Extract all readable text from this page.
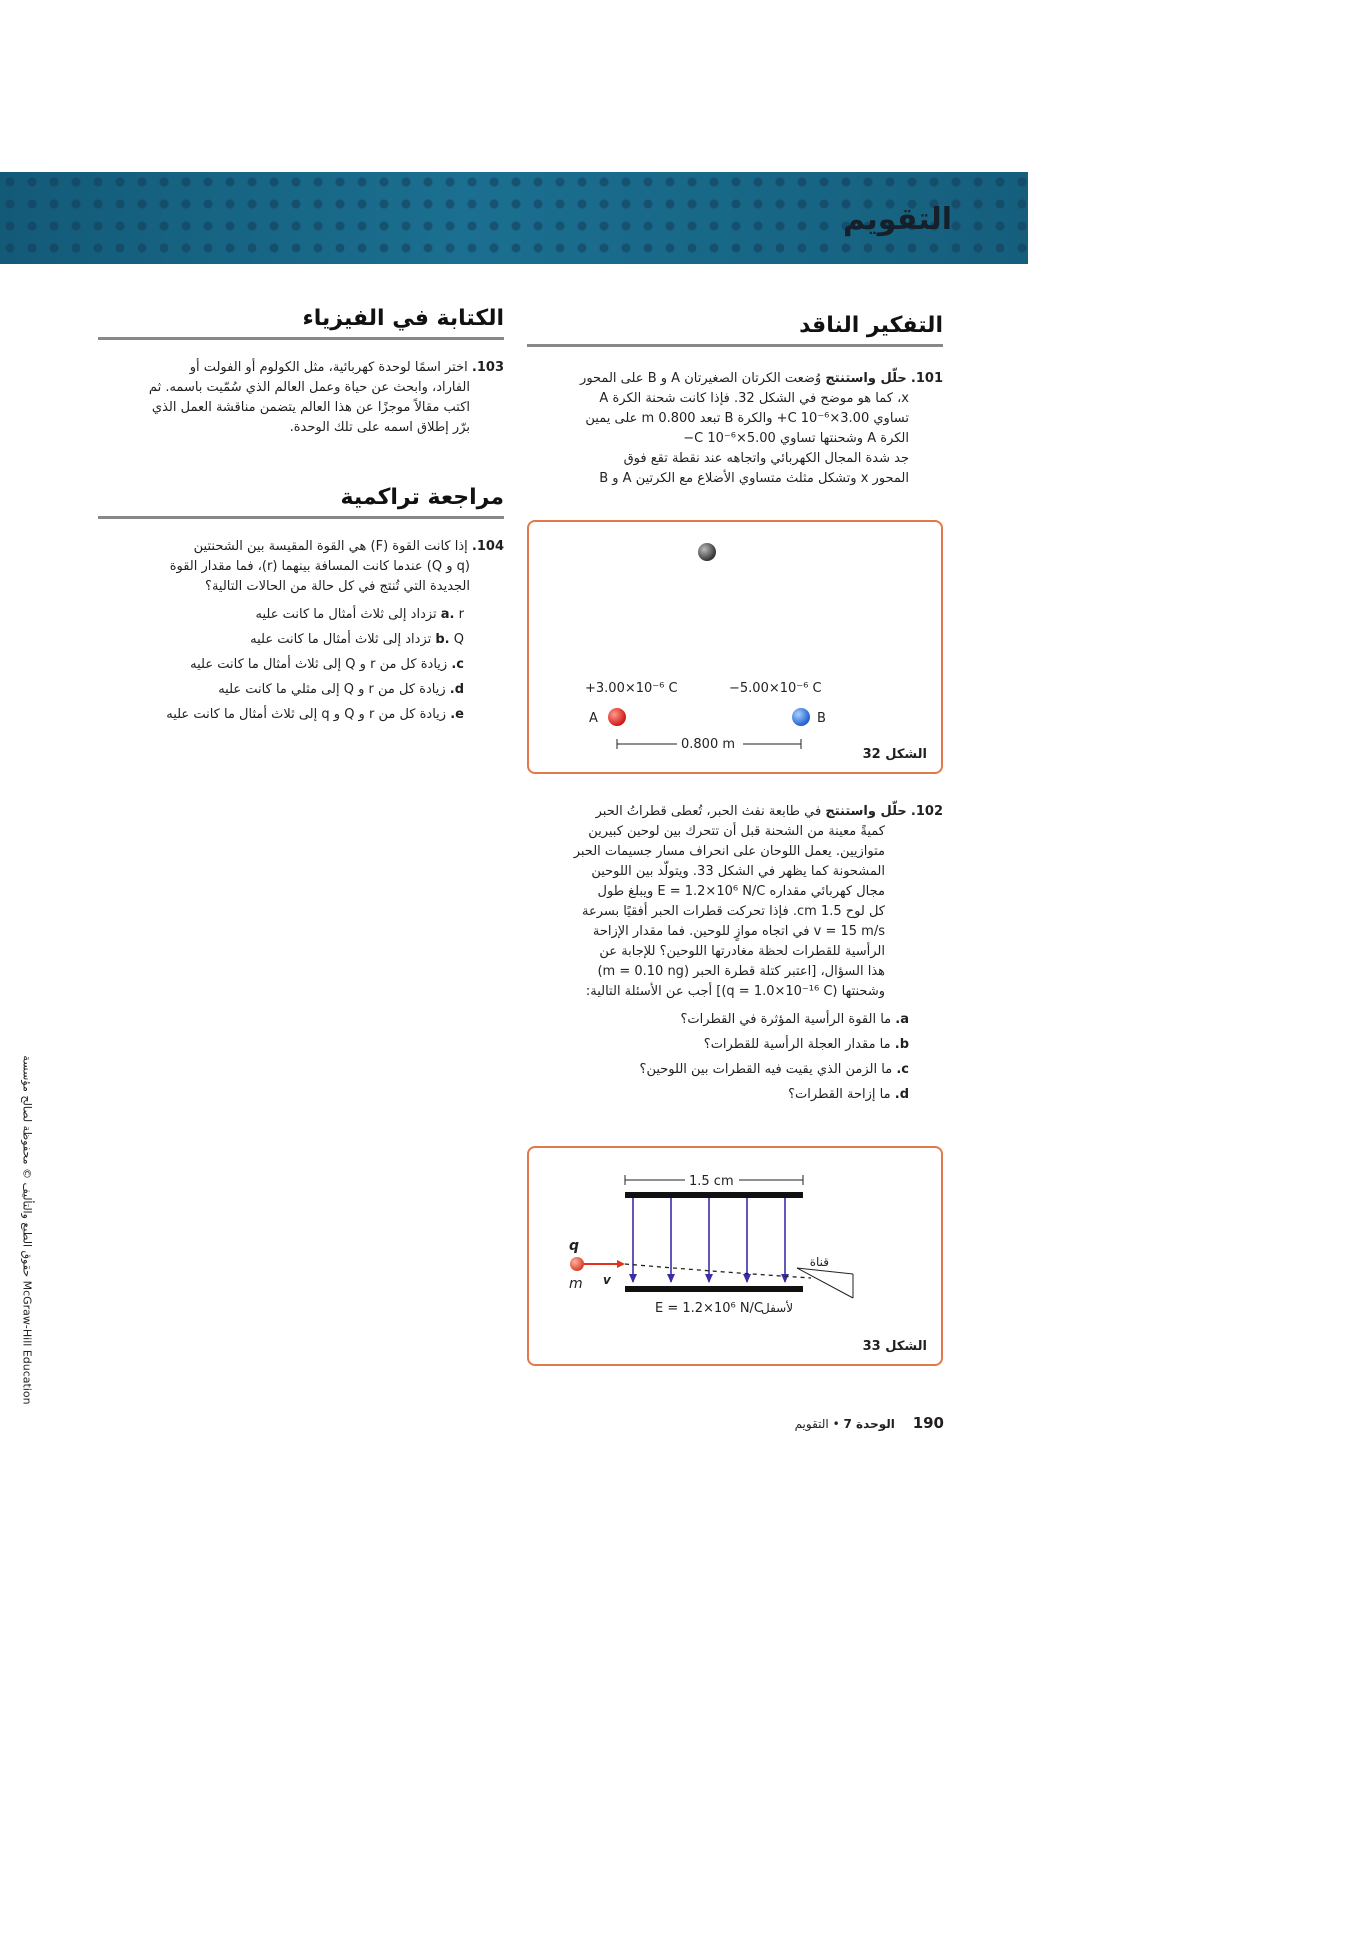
التقويم
التفكير الناقد

101. حلّل واستنتج وُضعت الكرتان الصغيرتان A و B على المحور

x، كما هو موضح في الشكل 32. فإذا كانت شحنة الكرة A

تساوي C 10⁻⁶×3.00+ والكرة B تبعد 0.800 m على يمين

الكرة A وشحنتها تساوي C 10⁻⁶×5.00−

جد شدة المجال الكهربائي واتجاهه عند نقطة تقع فوق

المحور x وتشكل مثلث متساوي الأضلاع مع الكرتين A و B

+3.00×10⁻⁶ C	−5.00×10⁻⁶ C
A	B
0.800 m
الشكل 32

102. حلّل واستنتج في طابعة نفث الحبر، تُعطى قطراتُ الحبر

كميةً معينة من الشحنة قبل أن تتحرك بين لوحين كبيرين

متوازيين. يعمل اللوحان على انحراف مسار جسيمات الحبر

المشحونة كما يظهر في الشكل 33. ويتولّد بين اللوحين

مجال كهربائي مقداره E = 1.2×10⁶ N/C ويبلغ طول

كل لوح 1.5 cm. فإذا تحركت قطرات الحبر أفقيًا بسرعة

v = 15 m/s في اتجاه موازٍ للوحين. فما مقدار الإزاحة

الرأسية للقطرات لحظة مغادرتها اللوحين؟ للإجابة عن

هذا السؤال، [اعتبر كتلة قطرة الحبر (m = 0.10 ng)

وشحنتها (q = 1.0×10⁻¹⁶ C)] أجب عن الأسئلة التالية:

a. ما القوة الرأسية المؤثرة في القطرات؟

b. ما مقدار العجلة الرأسية للقطرات؟

c. ما الزمن الذي يقيت فيه القطرات بين اللوحين؟

d. ما إزاحة القطرات؟

1.5 cm
q
m v
قناة
E = 1.2×10⁶ N/C
لأسفل
الشكل 33
الكتابة في الفيزياء

103. اختر اسمًا لوحدة كهربائية، مثل الكولوم أو الفولت أو

الفاراد، وابحث عن حياة وعمل العالم الذي سُمّيت باسمه. ثم

اكتب مقالاً موجزًا عن هذا العالم يتضمن مناقشة العمل الذي

برّر إطلاق اسمه على تلك الوحدة.

مراجعة تراكمية

104. إذا كانت القوة (F) هي القوة المقيسة بين الشحنتين

(q و Q) عندما كانت المسافة بينهما (r)، فما مقدار القوة

الجديدة التي تُنتج في كل حالة من الحالات التالية؟

a. r تزداد إلى ثلاث أمثال ما كانت عليه

b. Q تزداد إلى ثلاث أمثال ما كانت عليه

c. زيادة كل من r و Q إلى ثلاث أمثال ما كانت عليه

d. زيادة كل من r و Q إلى مثلي ما كانت عليه

e. زيادة كل من r و Q و q إلى ثلاث أمثال ما كانت عليه

حقوق الطبع والتأليف © محفوظة لصالح مؤسسة McGraw-Hill Education
190 الوحدة 7 • التقويم
